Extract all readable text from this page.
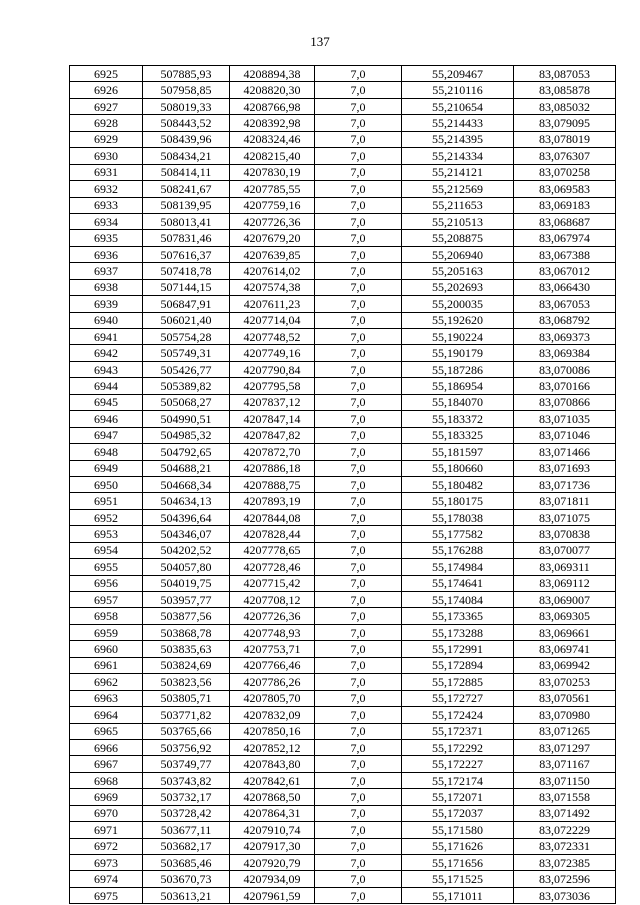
137
6925	507885,93	4208894,38	7,0	55,209467	83,087053
6926	507958,85	4208820,30	7,0	55,210116	83,085878
6927	508019,33	4208766,98	7,0	55,210654	83,085032
6928	508443,52	4208392,98	7,0	55,214433	83,079095
6929	508439,96	4208324,46	7,0	55,214395	83,078019
6930	508434,21	4208215,40	7,0	55,214334	83,076307
6931	508414,11	4207830,19	7,0	55,214121	83,070258
6932	508241,67	4207785,55	7,0	55,212569	83,069583
6933	508139,95	4207759,16	7,0	55,211653	83,069183
6934	508013,41	4207726,36	7,0	55,210513	83,068687
6935	507831,46	4207679,20	7,0	55,208875	83,067974
6936	507616,37	4207639,85	7,0	55,206940	83,067388
6937	507418,78	4207614,02	7,0	55,205163	83,067012
6938	507144,15	4207574,38	7,0	55,202693	83,066430
6939	506847,91	4207611,23	7,0	55,200035	83,067053
6940	506021,40	4207714,04	7,0	55,192620	83,068792
6941	505754,28	4207748,52	7,0	55,190224	83,069373
6942	505749,31	4207749,16	7,0	55,190179	83,069384
6943	505426,77	4207790,84	7,0	55,187286	83,070086
6944	505389,82	4207795,58	7,0	55,186954	83,070166
6945	505068,27	4207837,12	7,0	55,184070	83,070866
6946	504990,51	4207847,14	7,0	55,183372	83,071035
6947	504985,32	4207847,82	7,0	55,183325	83,071046
6948	504792,65	4207872,70	7,0	55,181597	83,071466
6949	504688,21	4207886,18	7,0	55,180660	83,071693
6950	504668,34	4207888,75	7,0	55,180482	83,071736
6951	504634,13	4207893,19	7,0	55,180175	83,071811
6952	504396,64	4207844,08	7,0	55,178038	83,071075
6953	504346,07	4207828,44	7,0	55,177582	83,070838
6954	504202,52	4207778,65	7,0	55,176288	83,070077
6955	504057,80	4207728,46	7,0	55,174984	83,069311
6956	504019,75	4207715,42	7,0	55,174641	83,069112
6957	503957,77	4207708,12	7,0	55,174084	83,069007
6958	503877,56	4207726,36	7,0	55,173365	83,069305
6959	503868,78	4207748,93	7,0	55,173288	83,069661
6960	503835,63	4207753,71	7,0	55,172991	83,069741
6961	503824,69	4207766,46	7,0	55,172894	83,069942
6962	503823,56	4207786,26	7,0	55,172885	83,070253
6963	503805,71	4207805,70	7,0	55,172727	83,070561
6964	503771,82	4207832,09	7,0	55,172424	83,070980
6965	503765,66	4207850,16	7,0	55,172371	83,071265
6966	503756,92	4207852,12	7,0	55,172292	83,071297
6967	503749,77	4207843,80	7,0	55,172227	83,071167
6968	503743,82	4207842,61	7,0	55,172174	83,071150
6969	503732,17	4207868,50	7,0	55,172071	83,071558
6970	503728,42	4207864,31	7,0	55,172037	83,071492
6971	503677,11	4207910,74	7,0	55,171580	83,072229
6972	503682,17	4207917,30	7,0	55,171626	83,072331
6973	503685,46	4207920,79	7,0	55,171656	83,072385
6974	503670,73	4207934,09	7,0	55,171525	83,072596
6975	503613,21	4207961,59	7,0	55,171011	83,073036
